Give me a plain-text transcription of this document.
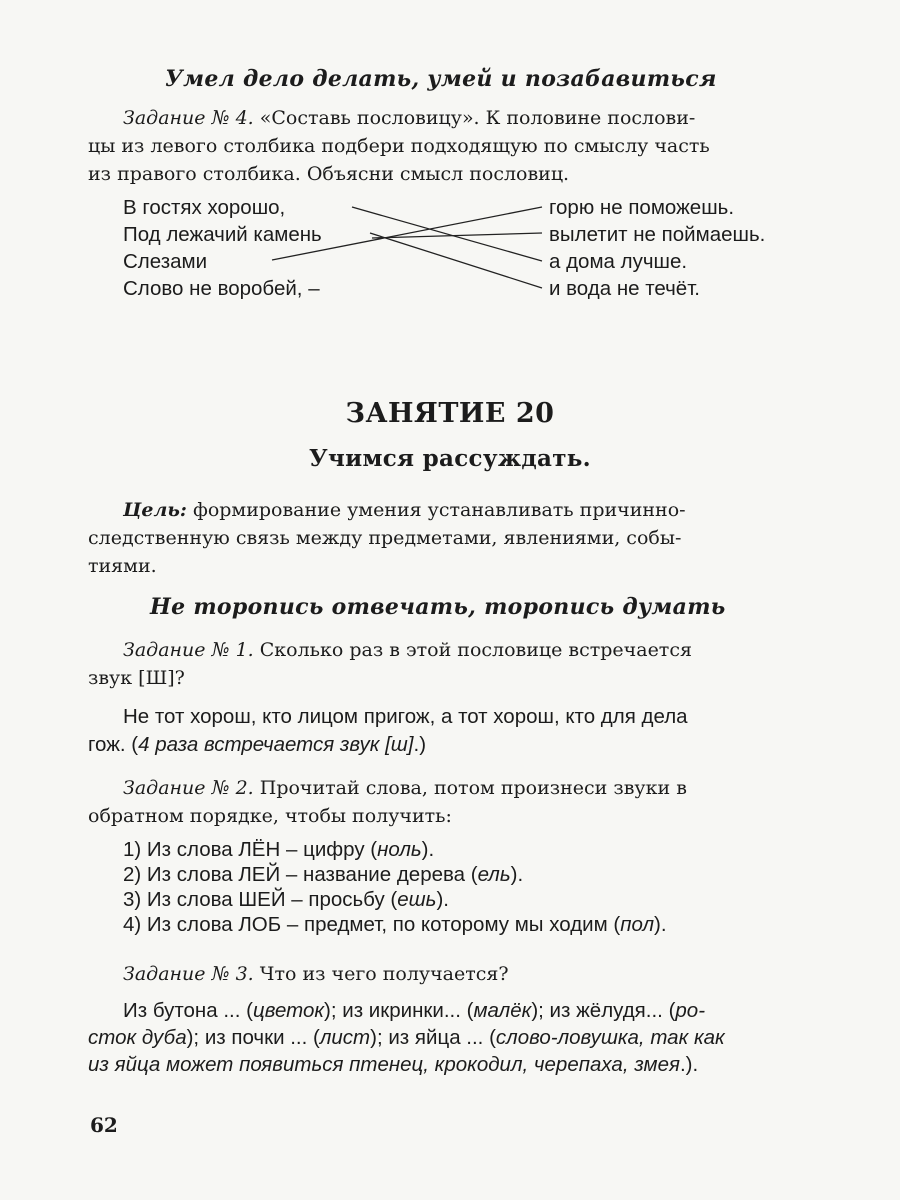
Умел дело делать, умей и позабавиться
Задание № 4. «Составь пословицу». К половине послови-
цы из левого столбика подбери подходящую по смыслу часть
из правого столбика. Объясни смысл пословиц.
В гостях хорошо,
Под лежачий камень
Слезами
Слово не воробей, –
горю не поможешь.
вылетит не поймаешь.
а дома лучше.
и вода не течёт.
ЗАНЯТИЕ 20
Учимся рассуждать.
Цель: формирование умения устанавливать причинно-
следственную связь между предметами, явлениями, собы-
тиями.
Не торопись отвечать, торопись думать
Задание № 1. Сколько раз в этой пословице встречается
звук [Ш]?
Не тот хорош, кто лицом пригож, а тот хорош, кто для дела
гож. (4 раза встречается звук [ш].)
Задание № 2. Прочитай слова, потом произнеси звуки в
обратном порядке, чтобы получить:
1) Из слова ЛЁН – цифру (ноль).
2) Из слова ЛЕЙ – название дерева (ель).
3) Из слова ШЕЙ – просьбу (ешь).
4) Из слова ЛОБ – предмет, по которому мы ходим (пол).
Задание № 3. Что из чего получается?
Из бутона ... (цветок); из икринки... (малёк); из жёлудя... (ро-
сток дуба); из почки ... (лист); из яйца ... (слово-ловушка, так как
из яйца может появиться птенец, крокодил, черепаха, змея.).
62
